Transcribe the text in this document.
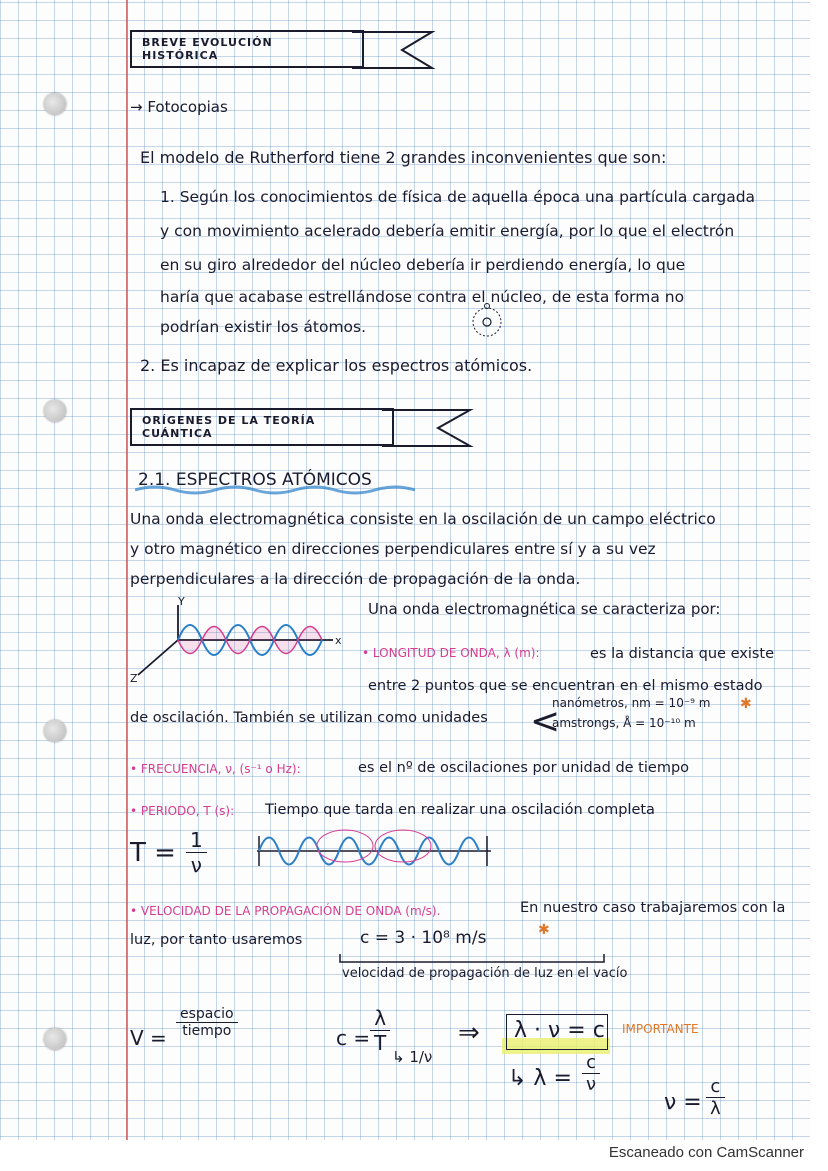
BREVE EVOLUCIÓN HISTÓRICA
→ Fotocopias
El modelo de Rutherford tiene 2 grandes inconvenientes que son:
1. Según los conocimientos de física de aquella época una partícula cargada
y con movimiento acelerado debería emitir energía, por lo que el electrón
en su giro alrededor del núcleo debería ir perdiendo energía, lo que
haría que acabase estrellándose contra el núcleo, de esta forma no
podrían existir los átomos.
2. Es incapaz de explicar los espectros atómicos.
ORÍGENES DE LA TEORÍA CUÁNTICA
2.1. ESPECTROS ATÓMICOS
Una onda electromagnética consiste en la oscilación de un campo eléctrico
y otro magnético en direcciones perpendiculares entre sí y a su vez
perpendiculares a la dirección de propagación de la onda.
Y
x
Z
Una onda electromagnética se caracteriza por:
• LONGITUD DE ONDA, λ (m):	es la distancia que existe
entre 2 puntos que se encuentran en el mismo estado
de oscilación. También se utilizan como unidades <
nanómetros, nm = 10⁻⁹ m
amstrongs, Å = 10⁻¹⁰ m
✱
• FRECUENCIA, ν, (s⁻¹ o Hz):	es el nº de oscilaciones por unidad de tiempo
• PERIODO, T (s): Tiempo que tarda en realizar una oscilación completa
$T = \frac{1}{\nu}$
• VELOCIDAD DE LA PROPAGACIÓN DE ONDA (m/s).	En nuestro caso trabajaremos con la
luz, por tanto usaremos	c = 3 · 10⁸ m/s	✱
velocidad de propagación de luz en el vacío
V =
espacio
tiempo	$c = \frac{\lambda}{T}$
↳ 1/ν
⇒ λ · ν = c IMPORTANTE
↳ $\lambda = \frac{c}{\nu}$
$\nu = \frac{c}{\lambda}$
Escaneado con CamScanner
